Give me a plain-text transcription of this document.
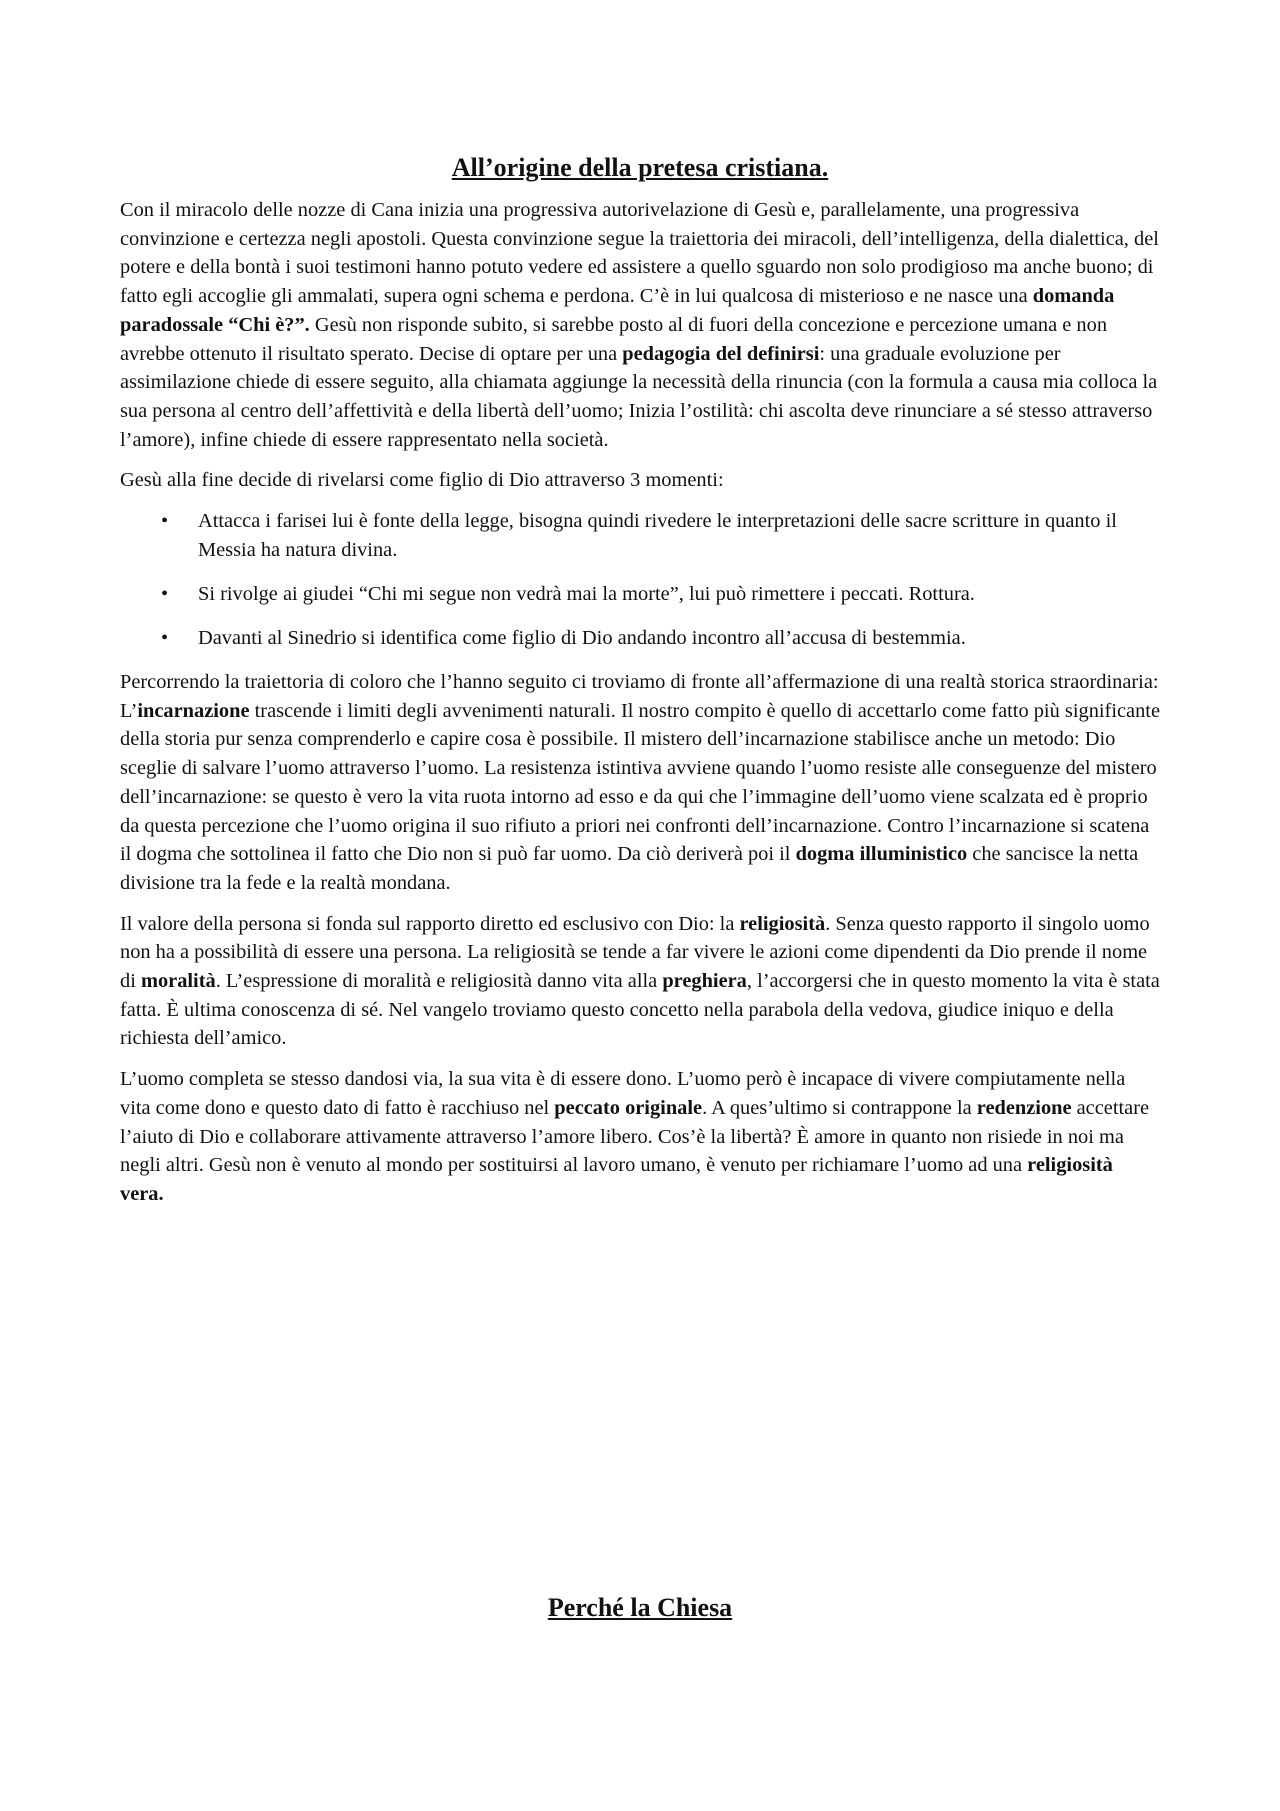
All’origine della pretesa cristiana.

Con il miracolo delle nozze di Cana inizia una progressiva autorivelazione di Gesù e, parallelamente, una progressiva convinzione e certezza negli apostoli. Questa convinzione segue la traiettoria dei miracoli, dell’intelligenza, della dialettica, del potere e della bontà i suoi testimoni hanno potuto vedere ed assistere a quello sguardo non solo prodigioso ma anche buono; di fatto egli accoglie gli ammalati, supera ogni schema e perdona. C’è in lui qualcosa di misterioso e ne nasce una domanda paradossale “Chi è?”. Gesù non risponde subito, si sarebbe posto al di fuori della concezione e percezione umana e non avrebbe ottenuto il risultato sperato. Decise di optare per una pedagogia del definirsi: una graduale evoluzione per assimilazione chiede di essere seguito, alla chiamata aggiunge la necessità della rinuncia (con la formula a causa mia colloca la sua persona al centro dell’affettività e della libertà dell’uomo; Inizia l’ostilità: chi ascolta deve rinunciare a sé stesso attraverso l’amore), infine chiede di essere rappresentato nella società.

Gesù alla fine decide di rivelarsi come figlio di Dio attraverso 3 momenti:

• Attacca i farisei lui è fonte della legge, bisogna quindi rivedere le interpretazioni delle sacre scritture in quanto il Messia ha natura divina.
• Si rivolge ai giudei “Chi mi segue non vedrà mai la morte”, lui può rimettere i peccati. Rottura.
• Davanti al Sinedrio si identifica come figlio di Dio andando incontro all’accusa di bestemmia.

Percorrendo la traiettoria di coloro che l’hanno seguito ci troviamo di fronte all’affermazione di una realtà storica straordinaria: L’incarnazione trascende i limiti degli avvenimenti naturali. Il nostro compito è quello di accettarlo come fatto più significante della storia pur senza comprenderlo e capire cosa è possibile. Il mistero dell’incarnazione stabilisce anche un metodo: Dio sceglie di salvare l’uomo attraverso l’uomo. La resistenza istintiva avviene quando l’uomo resiste alle conseguenze del mistero dell’incarnazione: se questo è vero la vita ruota intorno ad esso e da qui che l’immagine dell’uomo viene scalzata ed è proprio da questa percezione che l’uomo origina il suo rifiuto a priori nei confronti dell’incarnazione. Contro l’incarnazione si scatena il dogma che sottolinea il fatto che Dio non si può far uomo. Da ciò deriverà poi il dogma illuministico che sancisce la netta divisione tra la fede e la realtà mondana.

Il valore della persona si fonda sul rapporto diretto ed esclusivo con Dio: la religiosità. Senza questo rapporto il singolo uomo non ha a possibilità di essere una persona. La religiosità se tende a far vivere le azioni come dipendenti da Dio prende il nome di moralità. L’espressione di moralità e religiosità danno vita alla preghiera, l’accorgersi che in questo momento la vita è stata fatta. È ultima conoscenza di sé. Nel vangelo troviamo questo concetto nella parabola della vedova, giudice iniquo e della richiesta dell’amico.

L’uomo completa se stesso dandosi via, la sua vita è di essere dono. L’uomo però è incapace di vivere compiutamente nella vita come dono e questo dato di fatto è racchiuso nel peccato originale. A ques’ultimo si contrappone la redenzione accettare l’aiuto di Dio e collaborare attivamente attraverso l’amore libero. Cos’è la libertà? È amore in quanto non risiede in noi ma negli altri. Gesù non è venuto al mondo per sostituirsi al lavoro umano, è venuto per richiamare l’uomo ad una religiosità vera.

Perché la Chiesa
